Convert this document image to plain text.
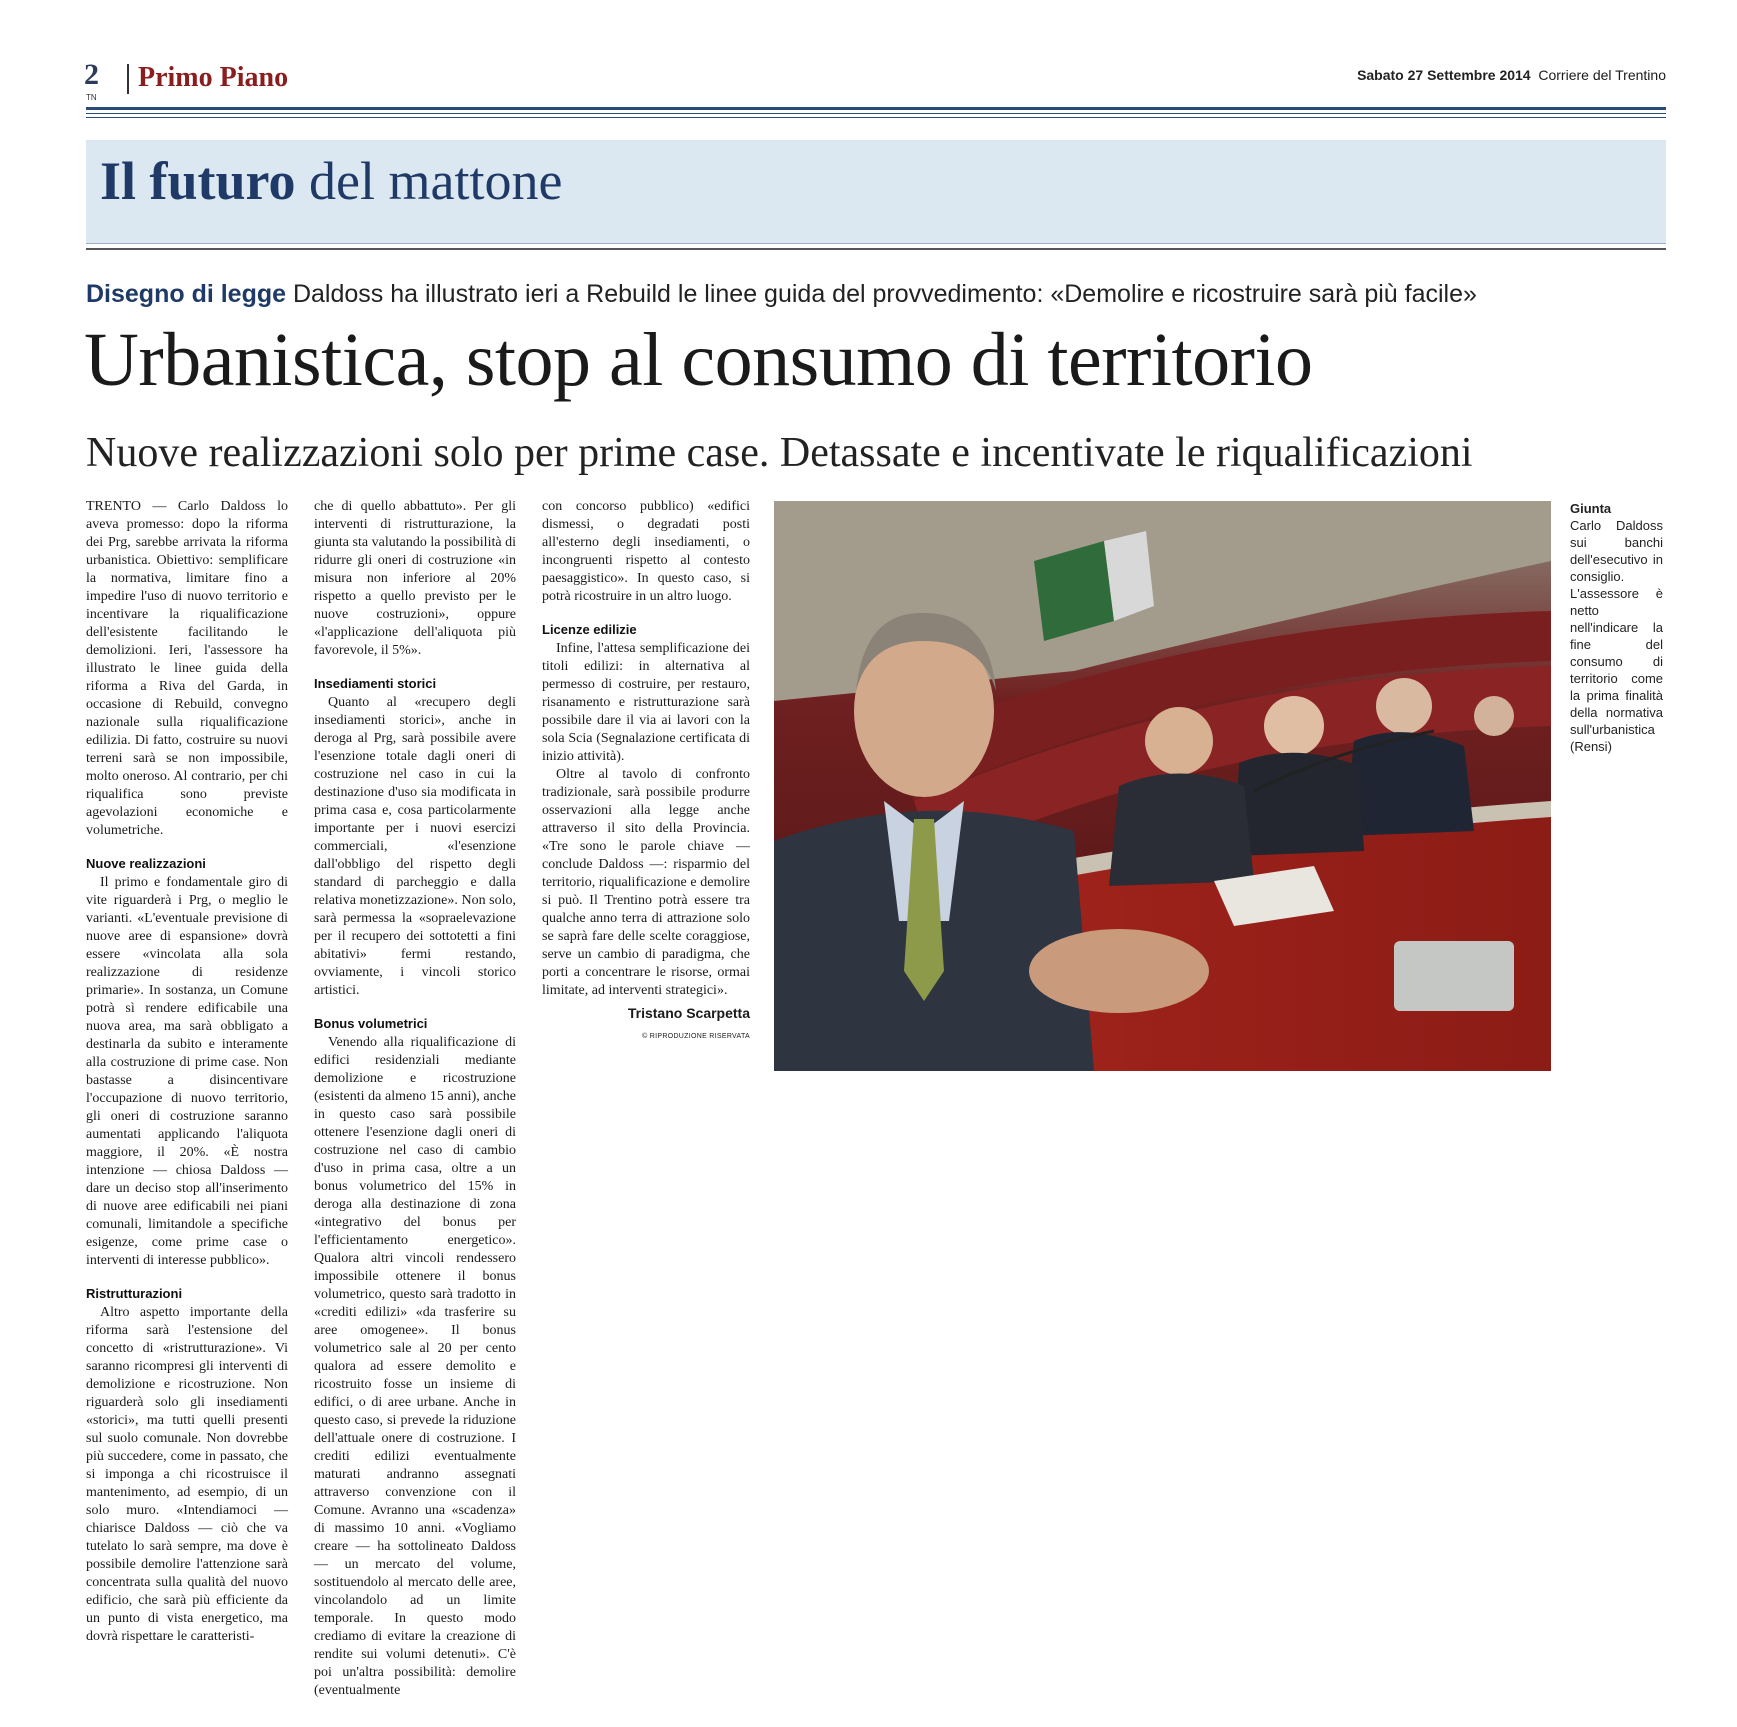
2
TN
Primo Piano	Sabato 27 Settembre 2014 Corriere del Trentino
Il futuro del mattone
Disegno di legge Daldoss ha illustrato ieri a Rebuild le linee guida del provvedimento: «Demolire e ricostruire sarà più facile»
Urbanistica, stop al consumo di territorio
Nuove realizzazioni solo per prime case. Detassate e incentivate le riqualificazioni

TRENTO — Carlo Daldoss lo aveva promesso: dopo la riforma dei Prg, sarebbe arrivata la riforma urbanistica. Obiettivo: semplificare la normativa, limitare fino a impedire l'uso di nuovo territorio e incentivare la riqualificazione dell'esistente facilitando le demolizioni. Ieri, l'assessore ha illustrato le linee guida della riforma a Riva del Garda, in occasione di Rebuild, convegno nazionale sulla riqualificazione edilizia. Di fatto, costruire su nuovi terreni sarà se non impossibile, molto oneroso. Al contrario, per chi riqualifica sono previste agevolazioni economiche e volumetriche.

Nuove realizzazioni

Il primo e fondamentale giro di vite riguarderà i Prg, o meglio le varianti. «L'eventuale previsione di nuove aree di espansione» dovrà essere «vincolata alla sola realizzazione di residenze primarie». In sostanza, un Comune potrà sì rendere edificabile una nuova area, ma sarà obbligato a destinarla da subito e interamente alla costruzione di prime case. Non bastasse a disincentivare l'occupazione di nuovo territorio, gli oneri di costruzione saranno aumentati applicando l'aliquota maggiore, il 20%. «È nostra intenzione — chiosa Daldoss — dare un deciso stop all'inserimento di nuove aree edificabili nei piani comunali, limitandole a specifiche esigenze, come prime case o interventi di interesse pubblico».

Ristrutturazioni

Altro aspetto importante della riforma sarà l'estensione del concetto di «ristrutturazione». Vi saranno ricompresi gli interventi di demolizione e ricostruzione. Non riguarderà solo gli insediamenti «storici», ma tutti quelli presenti sul suolo comunale. Non dovrebbe più succedere, come in passato, che si imponga a chi ricostruisce il mantenimento, ad esempio, di un solo muro. «Intendiamoci — chiarisce Daldoss — ciò che va tutelato lo sarà sempre, ma dove è possibile demolire l'attenzione sarà concentrata sulla qualità del nuovo edificio, che sarà più efficiente da un punto di vista energetico, ma dovrà rispettare le caratteristi-

che di quello abbattuto». Per gli interventi di ristrutturazione, la giunta sta valutando la possibilità di ridurre gli oneri di costruzione «in misura non inferiore al 20% rispetto a quello previsto per le nuove costruzioni», oppure «l'applicazione dell'aliquota più favorevole, il 5%».

Insediamenti storici

Quanto al «recupero degli insediamenti storici», anche in deroga al Prg, sarà possibile avere l'esenzione totale dagli oneri di costruzione nel caso in cui la destinazione d'uso sia modificata in prima casa e, cosa particolarmente importante per i nuovi esercizi commerciali, «l'esenzione dall'obbligo del rispetto degli standard di parcheggio e dalla relativa monetizzazione». Non solo, sarà permessa la «sopraelevazione per il recupero dei sottotetti a fini abitativi» fermi restando, ovviamente, i vincoli storico artistici.

Bonus volumetrici

Venendo alla riqualificazione di edifici residenziali mediante demolizione e ricostruzione (esistenti da almeno 15 anni), anche in questo caso sarà possibile ottenere l'esenzione dagli oneri di costruzione nel caso di cambio d'uso in prima casa, oltre a un bonus volumetrico del 15% in deroga alla destinazione di zona «integrativo del bonus per l'efficientamento energetico». Qualora altri vincoli rendessero impossibile ottenere il bonus volumetrico, questo sarà tradotto in «crediti edilizi» «da trasferire su aree omogenee». Il bonus volumetrico sale al 20 per cento qualora ad essere demolito e ricostruito fosse un insieme di edifici, o di aree urbane. Anche in questo caso, si prevede la riduzione dell'attuale onere di costruzione. I crediti edilizi eventualmente maturati andranno assegnati attraverso convenzione con il Comune. Avranno una «scadenza» di massimo 10 anni. «Vogliamo creare — ha sottolineato Daldoss — un mercato del volume, sostituendolo al mercato delle aree, vincolandolo ad un limite temporale. In questo modo crediamo di evitare la creazione di rendite sui volumi detenuti». C'è poi un'altra possibilità: demolire (eventualmente

con concorso pubblico) «edifici dismessi, o degradati posti all'esterno degli insediamenti, o incongruenti rispetto al contesto paesaggistico». In questo caso, si potrà ricostruire in un altro luogo.

Licenze edilizie

Infine, l'attesa semplificazione dei titoli edilizi: in alternativa al permesso di costruire, per restauro, risanamento e ristrutturazione sarà possibile dare il via ai lavori con la sola Scia (Segnalazione certificata di inizio attività).

Oltre al tavolo di confronto tradizionale, sarà possibile produrre osservazioni alla legge anche attraverso il sito della Provincia. «Tre sono le parole chiave — conclude Daldoss —: risparmio del territorio, riqualificazione e demolire si può. Il Trentino potrà essere tra qualche anno terra di attrazione solo se saprà fare delle scelte coraggiose, serve un cambio di paradigma, che porti a concentrare le risorse, ormai limitate, ad interventi strategici».

Tristano Scarpetta
© RIPRODUZIONE RISERVATA
Giunta
Carlo Daldoss sui banchi dell'esecutivo in consiglio. L'assessore è netto nell'indicare la fine del consumo di territorio come la prima finalità della normativa sull'urbanistica (Rensi)
